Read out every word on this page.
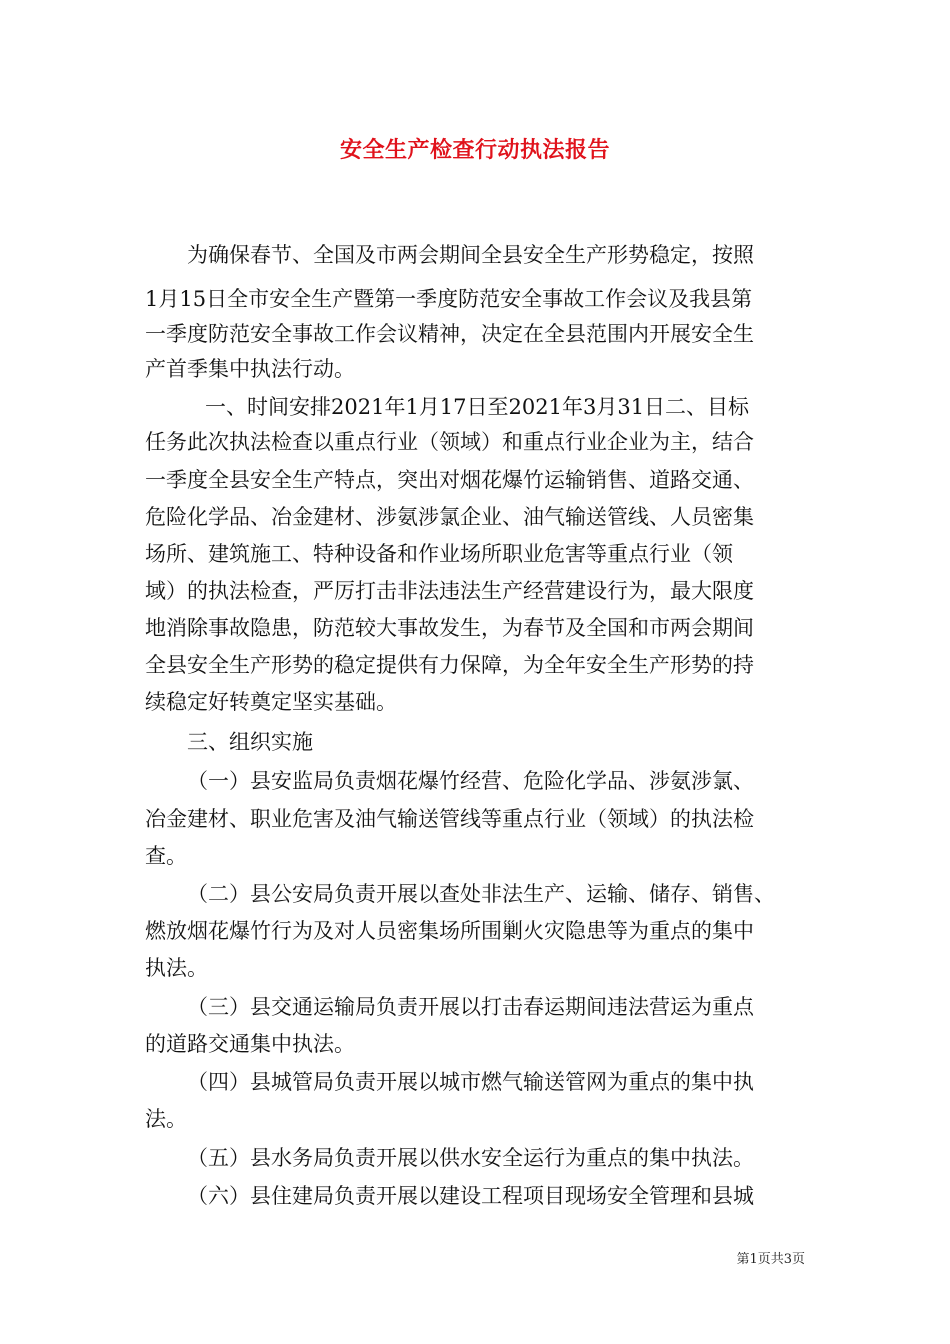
安全生产检查行动执法报告
为确保春节、全国及市两会期间全县安全生产形势稳定，按照
1月15日全市安全生产暨第一季度防范安全事故工作会议及我县第
一季度防范安全事故工作会议精神，决定在全县范围内开展安全生
产首季集中执法行动。
一、时间安排2021年1月17日至2021年3月31日二、目标
任务此次执法检查以重点行业（领域）和重点行业企业为主，结合
一季度全县安全生产特点，突出对烟花爆竹运输销售、道路交通、
危险化学品、冶金建材、涉氨涉氯企业、油气输送管线、人员密集
场所、建筑施工、特种设备和作业场所职业危害等重点行业（领
域）的执法检查，严厉打击非法违法生产经营建设行为，最大限度
地消除事故隐患，防范较大事故发生，为春节及全国和市两会期间
全县安全生产形势的稳定提供有力保障，为全年安全生产形势的持
续稳定好转奠定坚实基础。
三、组织实施
（一）县安监局负责烟花爆竹经营、危险化学品、涉氨涉氯、
冶金建材、职业危害及油气输送管线等重点行业（领域）的执法检
查。
（二）县公安局负责开展以查处非法生产、运输、储存、销售、
燃放烟花爆竹行为及对人员密集场所围剿火灾隐患等为重点的集中
执法。
（三）县交通运输局负责开展以打击春运期间违法营运为重点
的道路交通集中执法。
（四）县城管局负责开展以城市燃气输送管网为重点的集中执
法。
（五）县水务局负责开展以供水安全运行为重点的集中执法。
（六）县住建局负责开展以建设工程项目现场安全管理和县城
第1页共3页
